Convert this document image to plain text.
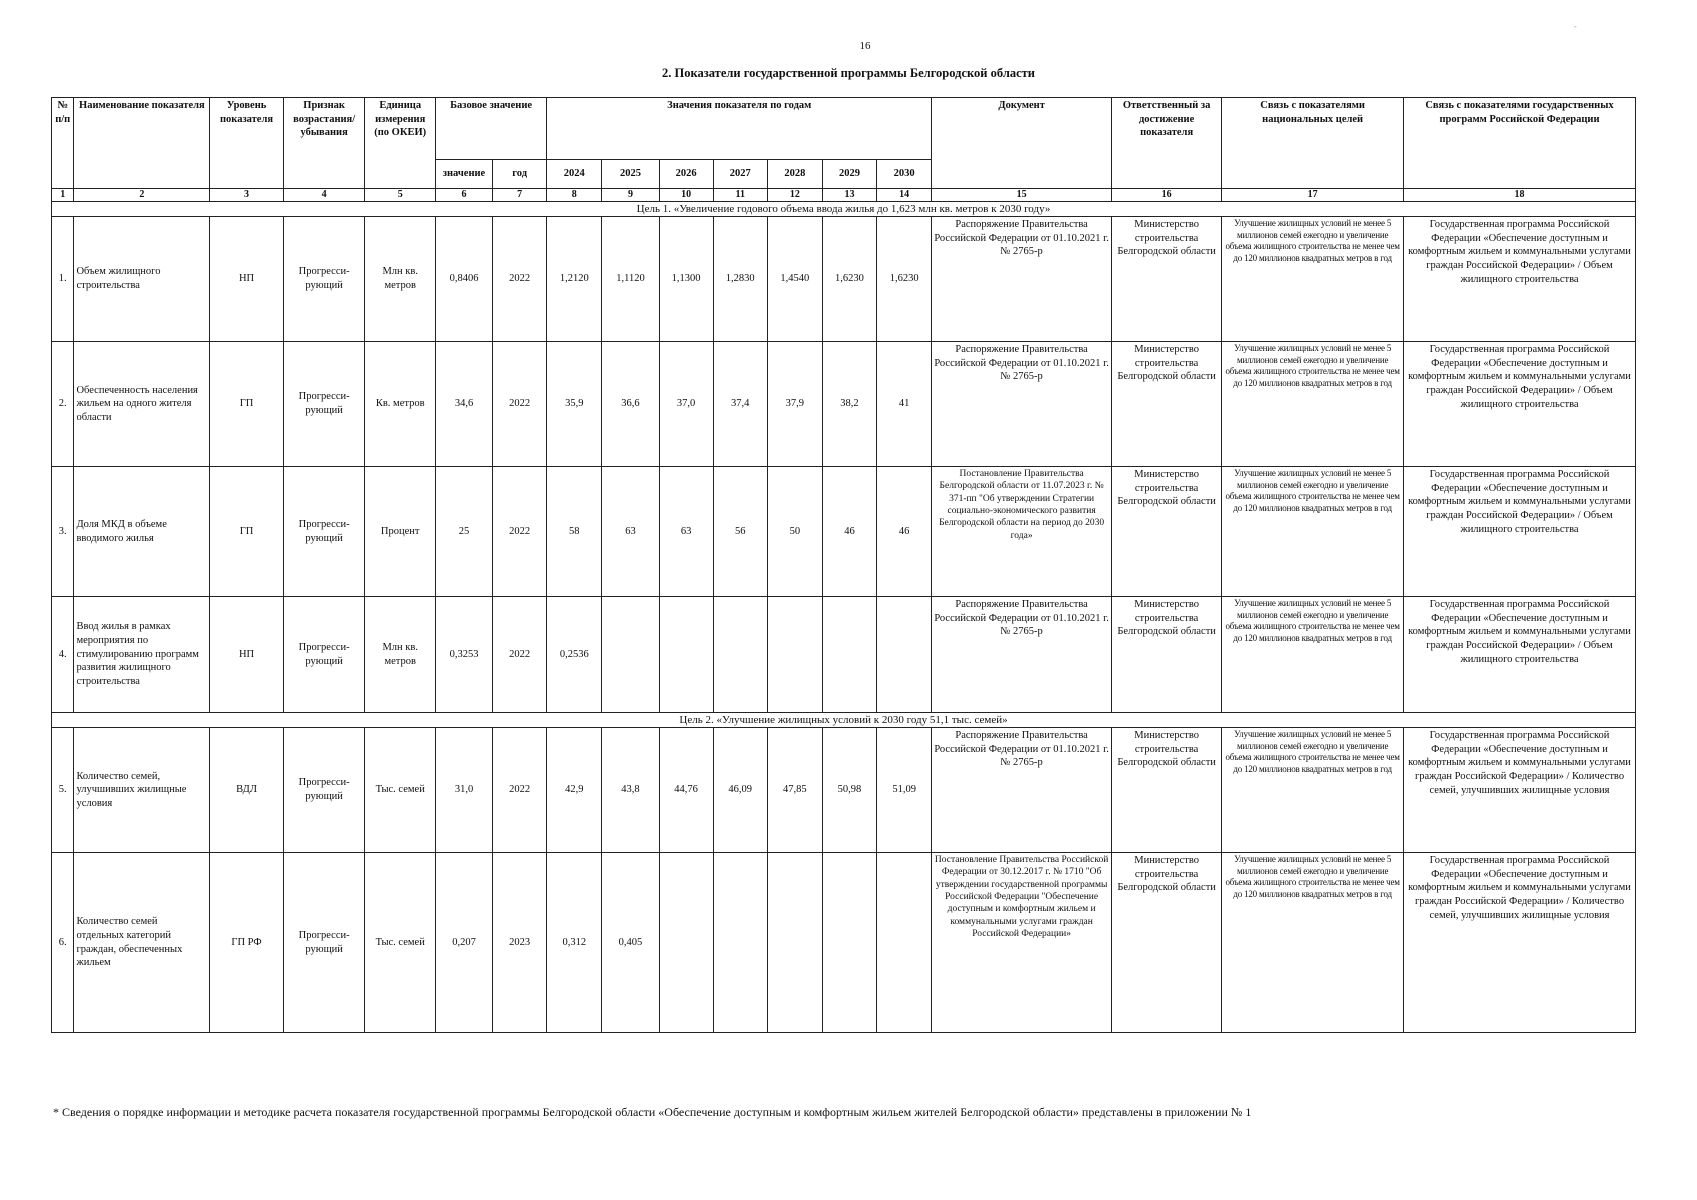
-
16
2. Показатели государственной программы Белгородской области
№ п/п	Наименование показателя	Уровень показателя	Признак возрастания/ убывания	Единица измерения (по ОКЕИ)	Базовое значение		Значения показателя по годам							Документ	Ответственный за достижение показателя	Связь с показателями национальных целей	Связь с показателями государственных программ Российской Федерации
					значение	год	2024	2025	2026	2027	2028	2029	2030				
1	2	3	4	5	6	7	8	9	10	11	12	13	14	15	16	17	18
Цель 1. «Увеличение годового объема ввода жилья до 1,623 млн кв. метров к 2030 году»																	
1.	Объем жилищного строительства	НП	Прогресси-рующий	Млн кв. метров	0,8406	2022	1,2120	1,1120	1,1300	1,2830	1,4540	1,6230	1,6230	Распоряжение Правительства Российской Федерации от 01.10.2021 г. № 2765-р	Министерство строительства Белгородской области	Улучшение жилищных условий не менее 5 миллионов семей ежегодно и увеличение объема жилищного строительства не менее чем до 120 миллионов квадратных метров в год	Государственная программа Российской Федерации «Обеспечение доступным и комфортным жильем и коммунальными услугами граждан Российской Федерации» / Объем жилищного строительства
2.	Обеспеченность населения жильем на одного жителя области	ГП	Прогресси-рующий	Кв. метров	34,6	2022	35,9	36,6	37,0	37,4	37,9	38,2	41	Распоряжение Правительства Российской Федерации от 01.10.2021 г. № 2765-р	Министерство строительства Белгородской области	Улучшение жилищных условий не менее 5 миллионов семей ежегодно и увеличение объема жилищного строительства не менее чем до 120 миллионов квадратных метров в год	Государственная программа Российской Федерации «Обеспечение доступным и комфортным жильем и коммунальными услугами граждан Российской Федерации» / Объем жилищного строительства
3.	Доля МКД в объеме вводимого жилья	ГП	Прогресси-рующий	Процент	25	2022	58	63	63	56	50	46	46	Постановление Правительства Белгородской области от 11.07.2023 г. № 371-пп "Об утверждении Стратегии социально-экономического развития Белгородской области на период до 2030 года»	Министерство строительства Белгородской области	Улучшение жилищных условий не менее 5 миллионов семей ежегодно и увеличение объема жилищного строительства не менее чем до 120 миллионов квадратных метров в год	Государственная программа Российской Федерации «Обеспечение доступным и комфортным жильем и коммунальными услугами граждан Российской Федерации» / Объем жилищного строительства
4.	Ввод жилья в рамках мероприятия по стимулированию программ развития жилищного строительства	НП	Прогресси-рующий	Млн кв. метров	0,3253	2022	0,2536							Распоряжение Правительства Российской Федерации от 01.10.2021 г. № 2765-р	Министерство строительства Белгородской области	Улучшение жилищных условий не менее 5 миллионов семей ежегодно и увеличение объема жилищного строительства не менее чем до 120 миллионов квадратных метров в год	Государственная программа Российской Федерации «Обеспечение доступным и комфортным жильем и коммунальными услугами граждан Российской Федерации» / Объем жилищного строительства
Цель 2. «Улучшение жилищных условий к 2030 году 51,1 тыс. семей»																	
5.	Количество семей, улучшивших жилищные условия	ВДЛ	Прогресси-рующий	Тыс. семей	31,0	2022	42,9	43,8	44,76	46,09	47,85	50,98	51,09	Распоряжение Правительства Российской Федерации от 01.10.2021 г. № 2765-р	Министерство строительства Белгородской области	Улучшение жилищных условий не менее 5 миллионов семей ежегодно и увеличение объема жилищного строительства не менее чем до 120 миллионов квадратных метров в год	Государственная программа Российской Федерации «Обеспечение доступным и комфортным жильем и коммунальными услугами граждан Российской Федерации» / Количество семей, улучшивших жилищные условия
6.	Количество семей отдельных категорий граждан, обеспеченных жильем	ГП РФ	Прогресси-рующий	Тыс. семей	0,207	2023	0,312	0,405						Постановление Правительства Российской Федерации от 30.12.2017 г. № 1710 "Об утверждении государственной программы Российской Федерации "Обеспечение доступным и комфортным жильем и коммунальными услугами граждан Российской Федерации»	Министерство строительства Белгородской области	Улучшение жилищных условий не менее 5 миллионов семей ежегодно и увеличение объема жилищного строительства не менее чем до 120 миллионов квадратных метров в год	Государственная программа Российской Федерации «Обеспечение доступным и комфортным жильем и коммунальными услугами граждан Российской Федерации» / Количество семей, улучшивших жилищные условия
* Сведения о порядке информации и методике расчета показателя государственной программы Белгородской области «Обеспечение доступным и комфортным жильем жителей Белгородской области» представлены в приложении № 1
